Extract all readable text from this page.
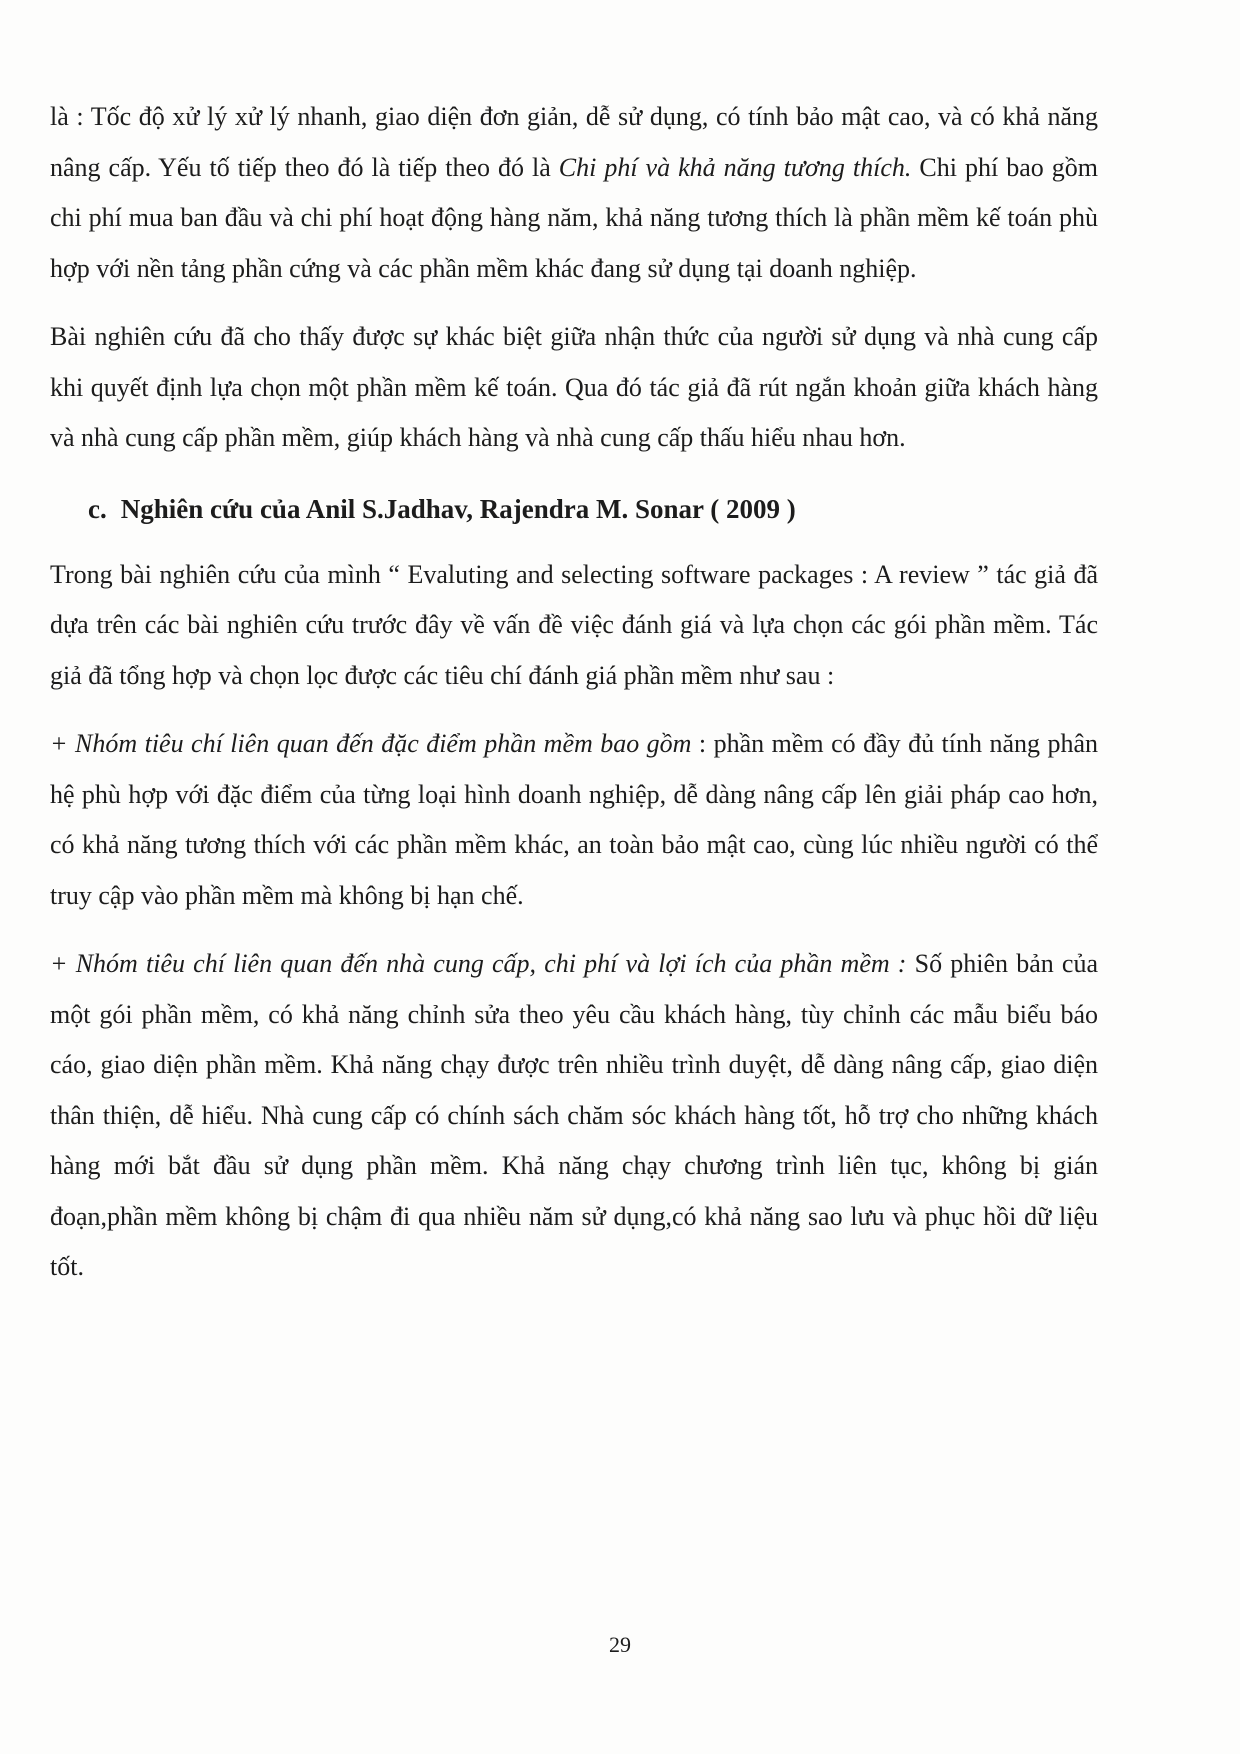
là : Tốc độ xử lý xử lý nhanh, giao diện đơn giản, dễ sử dụng, có tính bảo mật cao, và có khả năng nâng cấp. Yếu tố tiếp theo đó là tiếp theo đó là Chi phí và khả năng tương thích. Chi phí bao gồm chi phí mua ban đầu và chi phí hoạt động hàng năm, khả năng tương thích là phần mềm kế toán phù hợp với nền tảng phần cứng và các phần mềm khác đang sử dụng tại doanh nghiệp.

Bài nghiên cứu đã cho thấy được sự khác biệt giữa nhận thức của người sử dụng và nhà cung cấp khi quyết định lựa chọn một phần mềm kế toán. Qua đó tác giả đã rút ngắn khoản giữa khách hàng và nhà cung cấp phần mềm, giúp khách hàng và nhà cung cấp thấu hiểu nhau hơn.

c. Nghiên cứu của Anil S.Jadhav, Rajendra M. Sonar ( 2009 )

Trong bài nghiên cứu của mình “ Evaluting and selecting software packages : A review ” tác giả đã dựa trên các bài nghiên cứu trước đây về vấn đề việc đánh giá và lựa chọn các gói phần mềm. Tác giả đã tổng hợp và chọn lọc được các tiêu chí đánh giá phần mềm như sau :

+ Nhóm tiêu chí liên quan đến đặc điểm phần mềm bao gồm : phần mềm có đầy đủ tính năng phân hệ phù hợp với đặc điểm của từng loại hình doanh nghiệp, dễ dàng nâng cấp lên giải pháp cao hơn, có khả năng tương thích với các phần mềm khác, an toàn bảo mật cao, cùng lúc nhiều người có thể truy cập vào phần mềm mà không bị hạn chế.

+ Nhóm tiêu chí liên quan đến nhà cung cấp, chi phí và lợi ích của phần mềm : Số phiên bản của một gói phần mềm, có khả năng chỉnh sửa theo yêu cầu khách hàng, tùy chỉnh các mẫu biểu báo cáo, giao diện phần mềm. Khả năng chạy được trên nhiều trình duyệt, dễ dàng nâng cấp, giao diện thân thiện, dễ hiểu. Nhà cung cấp có chính sách chăm sóc khách hàng tốt, hỗ trợ cho những khách hàng mới bắt đầu sử dụng phần mềm. Khả năng chạy chương trình liên tục, không bị gián đoạn,phần mềm không bị chậm đi qua nhiều năm sử dụng,có khả năng sao lưu và phục hồi dữ liệu tốt.

29
